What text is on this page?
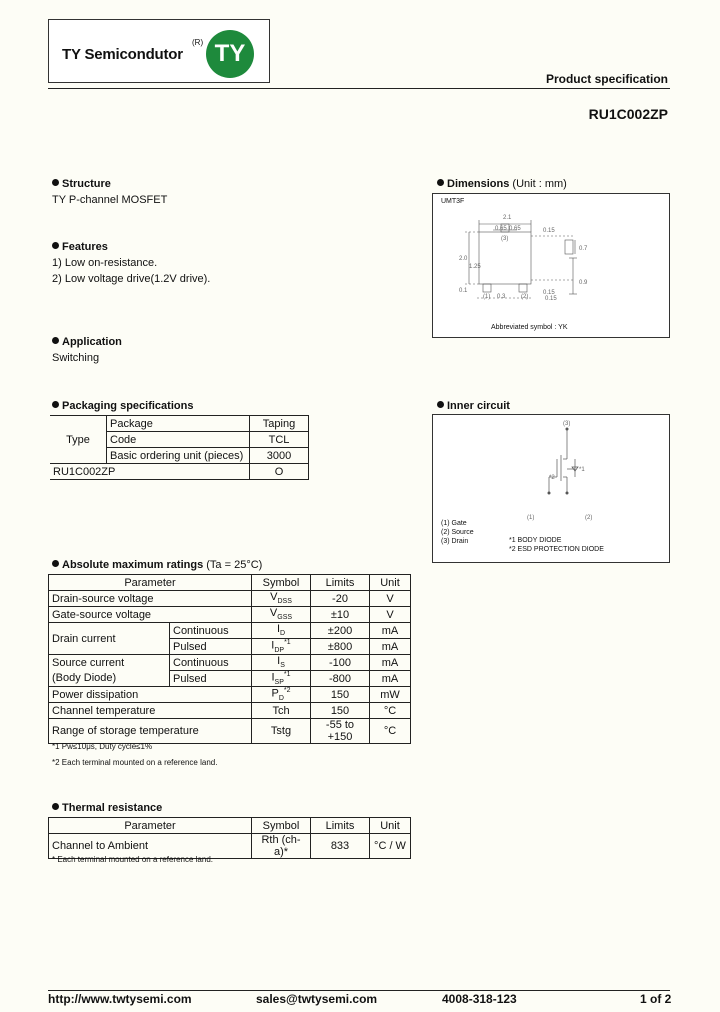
TY Semicondutor
(R) TY
Product specification
RU1C002ZP
Structure
TY P-channel MOSFET
Features
1) Low on-resistance.
2) Low voltage drive(1.2V drive).
Application
Switching
Dimensions (Unit : mm)
UMT3F
2.1
0.65 0.65
2.0
1.25
0.15
0.7
0.9
0.3
0.15
0.1
0.15
(1)	(2)
(3)
Abbreviated symbol : YK
Packaging specifications
Type	Package	Taping
	Code	TCL
	Basic ordering unit (pieces)	3000
RU1C002ZP		O
Inner circuit
(3)
*1
*2
(1)	(2)
(1) Gate
(2) Source
(3) Drain	*1 BODY DIODE
*2 ESD PROTECTION DIODE
Absolute maximum ratings (Ta = 25°C)
Parameter		Symbol	Limits	Unit
Drain-source voltage		$V_{DSS}$	-20	V
Gate-source voltage		$V_{GSS}$	±10	V
Drain current	Continuous	$I_D$	±200	mA
	Pulsed	$I_{DP}^{*1}$	±800	mA

Source current
(Body Diode)	Continuous	$I_S$	-100	mA
	Pulsed	$I_{SP}^{*1}$	-800	mA
Power dissipation		$P_D^{*2}$	150	mW
Channel temperature		Tch	150	°C
Range of storage temperature		Tstg	-55 to +150	°C
*1 Pw≤10μs, Duty cycle≤1%
*2 Each terminal mounted on a reference land.
Thermal resistance
Parameter	Symbol	Limits	Unit
Channel to Ambient	Rth (ch-a)*	833	°C / W
* Each terminal mounted on a reference land.
http://www.twtysemi.com	sales@twtysemi.com	4008-318-123	1 of 2
